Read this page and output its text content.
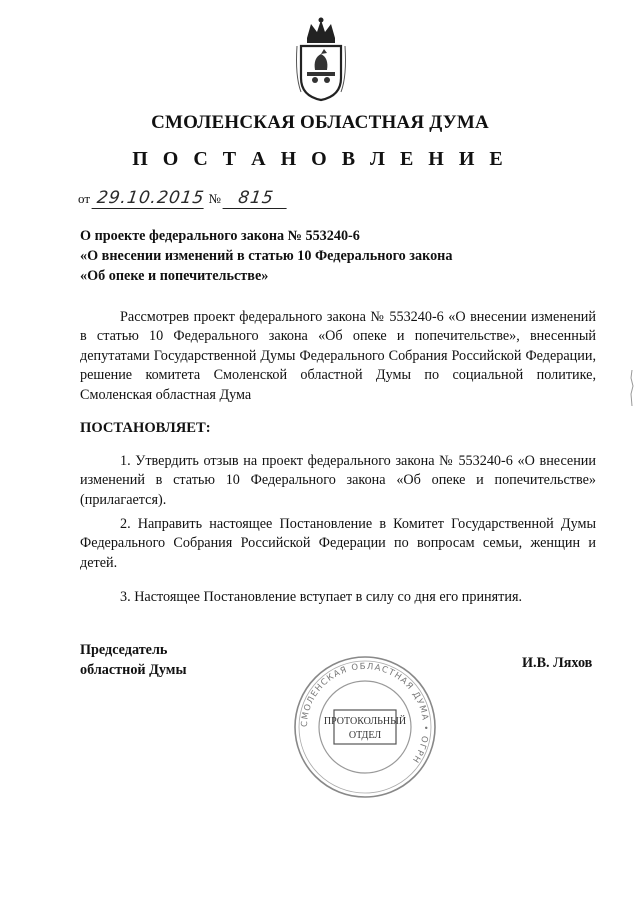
СМОЛЕНСКАЯ ОБЛАСТНАЯ ДУМА
П О С Т А Н О В Л Е Н И Е
от 29.10.2015 № 815
О проекте федерального закона № 553240-6
«О внесении изменений в статью 10 Федерального закона
«Об опеке и попечительстве»
Рассмотрев проект федерального закона № 553240-6 «О внесении изменений в статью 10 Федерального закона «Об опеке и попечительстве», внесенный депутатами Государственной Думы Федерального Собрания Российской Федерации, решение комитета Смоленской областной Думы по социальной политике, Смоленская областная Дума
ПОСТАНОВЛЯЕТ:
1. Утвердить отзыв на проект федерального закона № 553240-6 «О внесении изменений в статью 10 Федерального закона «Об опеке и попечительстве» (прилагается).
2. Направить настоящее Постановление в Комитет Государственной Думы Федерального Собрания Российской Федерации по вопросам семьи, женщин и детей.
3. Настоящее Постановление вступает в силу со дня его принятия.
Председатель
областной Думы	И.В. Ляхов
СМОЛЕНСКАЯ ОБЛАСТНАЯ ДУМА • ОГРН
ПРОТОКОЛЬНЫЙ
ОТДЕЛ
